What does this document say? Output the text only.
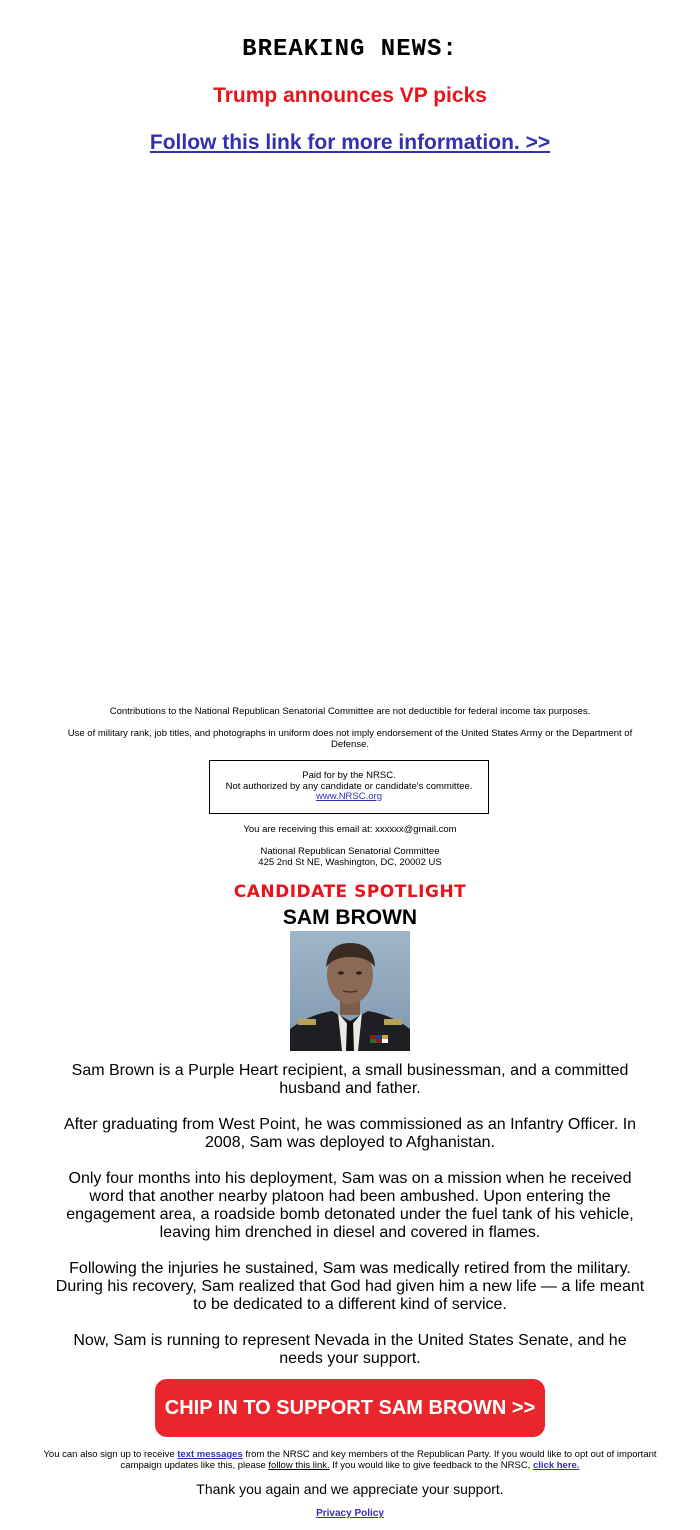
BREAKING NEWS:
Trump announces VP picks
Follow this link for more information. >>
Contributions to the National Republican Senatorial Committee are not deductible for federal income tax purposes.
Use of military rank, job titles, and photographs in uniform does not imply endorsement of the United States Army or the Department of Defense.
Paid for by the NRSC.
Not authorized by any candidate or candidate's committee.
www.NRSC.org
You are receiving this email at: xxxxxx@gmail.com
National Republican Senatorial Committee
425 2nd St NE, Washington, DC, 20002 US
CANDIDATE SPOTLIGHT
SAM BROWN

Sam Brown is a Purple Heart recipient, a small businessman, and a committed husband and father.

After graduating from West Point, he was commissioned as an Infantry Officer. In 2008, Sam was deployed to Afghanistan.

Only four months into his deployment, Sam was on a mission when he received word that another nearby platoon had been ambushed. Upon entering the engagement area, a roadside bomb detonated under the fuel tank of his vehicle, leaving him drenched in diesel and covered in flames.

Following the injuries he sustained, Sam was medically retired from the military. During his recovery, Sam realized that God had given him a new life — a life meant to be dedicated to a different kind of service.

Now, Sam is running to represent Nevada in the United States Senate, and he needs your support.

CHIP IN TO SUPPORT SAM BROWN >>
You can also sign up to receive text messages from the NRSC and key members of the Republican Party. If you would like to opt out of important campaign updates like this, please follow this link. If you would like to give feedback to the NRSC, click here.
Thank you again and we appreciate your support.
Privacy Policy
